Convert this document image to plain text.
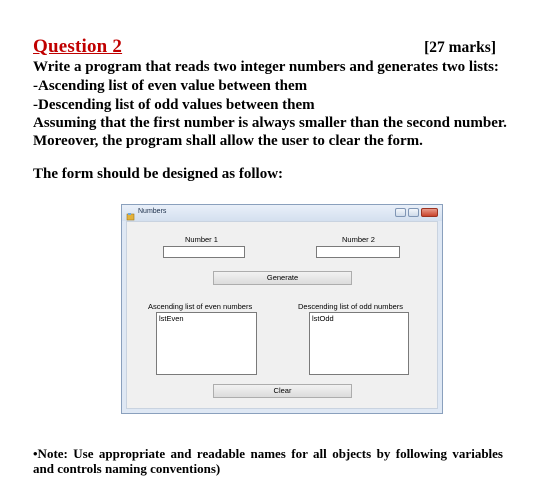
Question 2	[27 marks]
Write a program that reads two integer numbers and generates two lists:
-Ascending list of even value between them
-Descending list of odd values between them
Assuming that the first number is always smaller than the second number.
Moreover, the program shall allow the user to clear the form.
The form should be designed as follow:
Numbers
Number 1	Number 2
Generate
Ascending list of even numbers
lstEven
Descending list of odd numbers
lstOdd
Clear
•Note: Use appropriate and readable names for all objects by following variables and controls naming conventions)
